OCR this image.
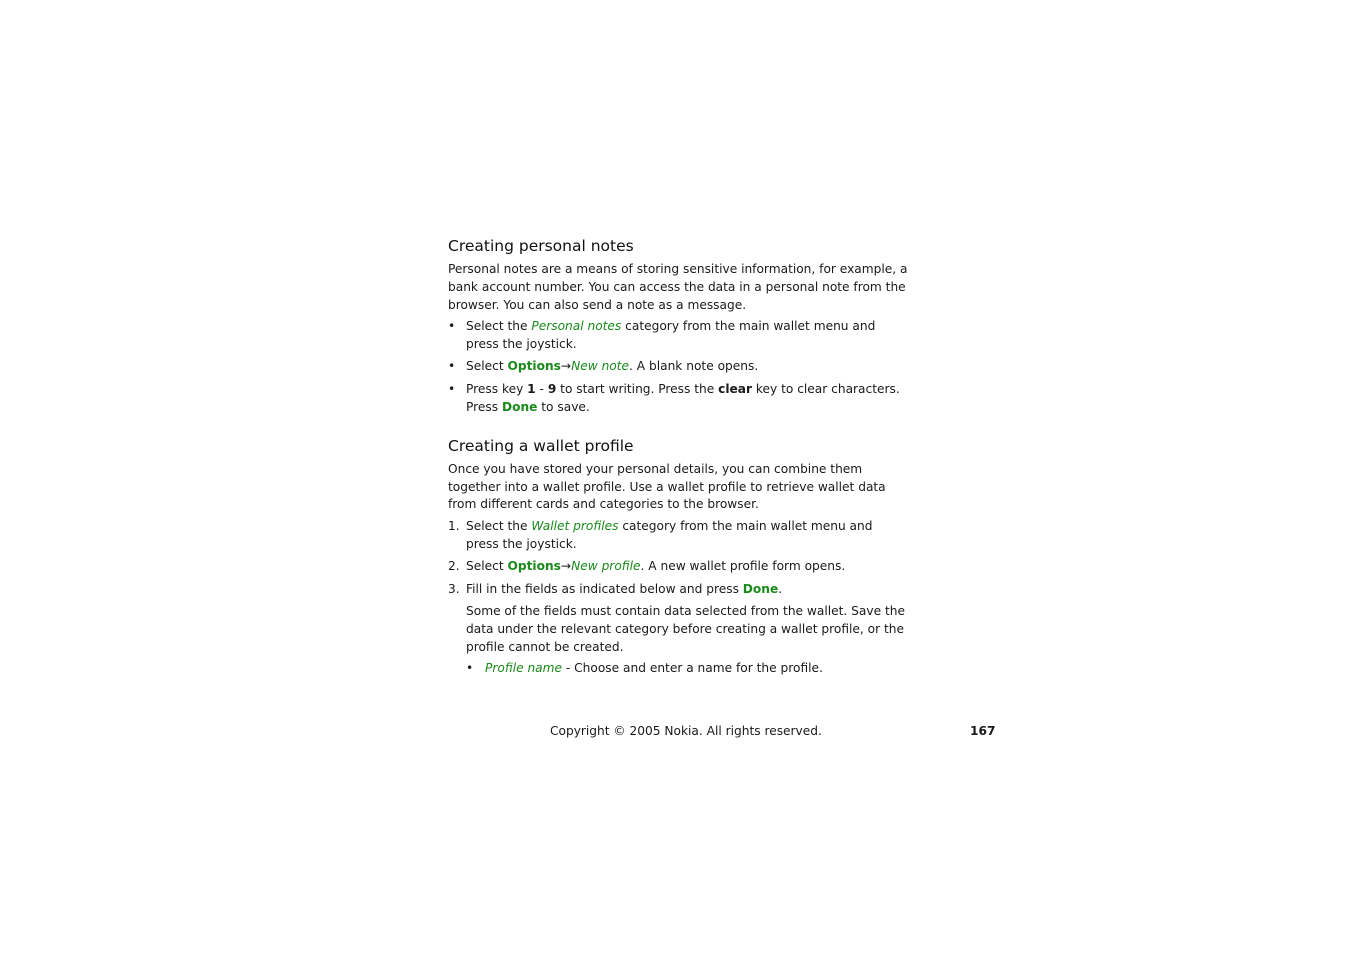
Creating personal notes

Personal notes are a means of storing sensitive information, for example, a bank account number. You can access the data in a personal note from the browser. You can also send a note as a message.

• Select the Personal notes category from the main wallet menu and press the joystick.
• Select Options→New note. A blank note opens.
• Press key 1 - 9 to start writing. Press the clear key to clear characters. Press Done to save.
Creating a wallet profile

Once you have stored your personal details, you can combine them together into a wallet profile. Use a wallet profile to retrieve wallet data from different cards and categories to the browser.

1. Select the Wallet profiles category from the main wallet menu and press the joystick.
2. Select Options→New profile. A new wallet profile form opens.
3. Fill in the fields as indicated below and press Done.

Some of the fields must contain data selected from the wallet. Save the data under the relevant category before creating a wallet profile, or the profile cannot be created.

• Profile name - Choose and enter a name for the profile.
Copyright © 2005 Nokia. All rights reserved.	167
